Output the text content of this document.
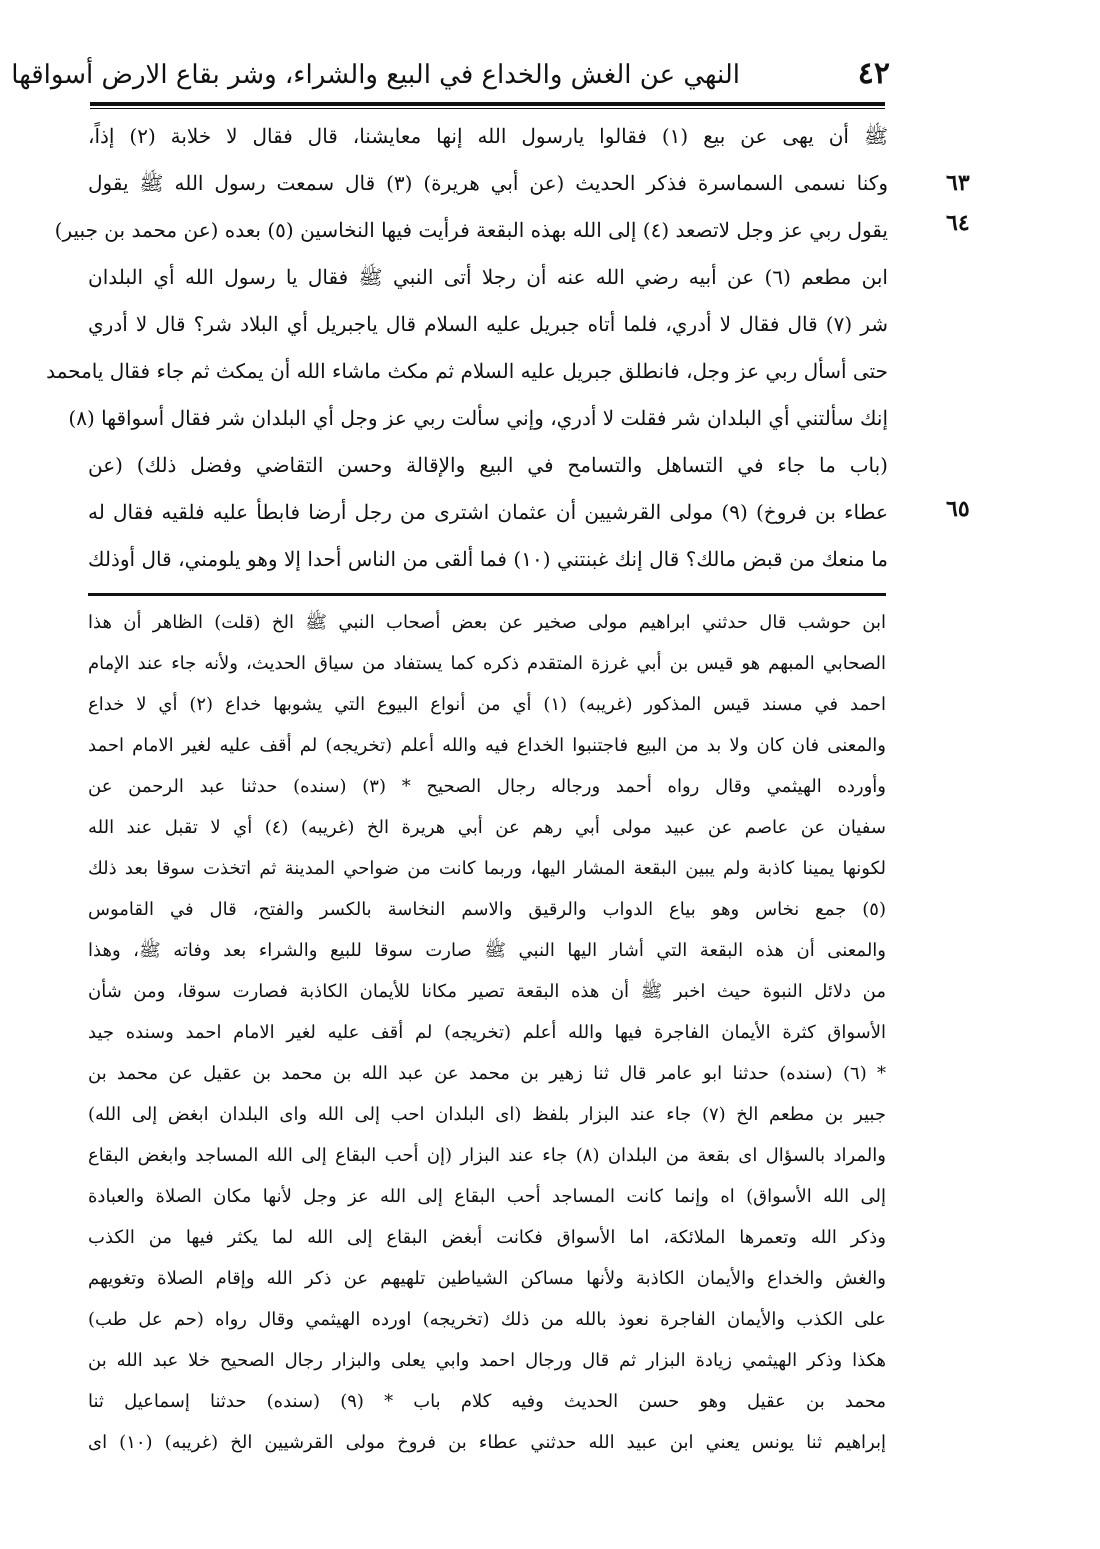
٤٢
النهي عن الغش والخداع في البيع والشراء، وشر بقاع الارض أسواقها
ﷺ أن يهى عن بيع (١) فقالوا يارسول الله إنها معايشنا، قال فقال لا خلابة (٢) إذاً،
وكنا نسمى السماسرة فذكر الحديث (عن أبي هريرة) (٣) قال سمعت رسول الله ﷺ يقول
يقول ربي عز وجل لاتصعد (٤) إلى الله بهذه البقعة فرأيت فيها النخاسين (٥) بعده (عن محمد بن جبير)
ابن مطعم (٦) عن أبيه رضي الله عنه أن رجلا أتى النبي ﷺ فقال يا رسول الله أي البلدان
شر (٧) قال فقال لا أدري، فلما أتاه جبريل عليه السلام قال ياجبريل أي البلاد شر؟ قال لا أدري
حتى أسأل ربي عز وجل، فانطلق جبريل عليه السلام ثم مكث ماشاء الله أن يمكث ثم جاء فقال يامحمد
إنك سألتني أي البلدان شر فقلت لا أدري، وإني سألت ربي عز وجل أي البلدان شر فقال أسواقها (٨)
(باب ما جاء في التساهل والتسامح في البيع والإقالة وحسن التقاضي وفضل ذلك) (عن
عطاء بن فروخ) (٩) مولى القرشيين أن عثمان اشترى من رجل أرضا فابطأ عليه فلقيه فقال له
ما منعك من قبض مالك؟ قال إنك غبنتني (١٠) فما ألقى من الناس أحدا إلا وهو يلومني، قال أوذلك
٦٣
٦٤
٦٥
ابن حوشب قال حدثني ابراهيم مولى صخير عن بعض أصحاب النبي ﷺ الخ (قلت) الظاهر أن هذا
الصحابي المبهم هو قيس بن أبي غرزة المتقدم ذكره كما يستفاد من سياق الحديث، ولأنه جاء عند الإمام
احمد في مسند قيس المذكور (غريبه) (١) أي من أنواع البيوع التي يشوبها خداع (٢) أي لا خداع
والمعنى فان كان ولا بد من البيع فاجتنبوا الخداع فيه والله أعلم (تخريجه) لم أقف عليه لغير الامام احمد
وأورده الهيثمي وقال رواه أحمد ورجاله رجال الصحيح * (٣) (سنده) حدثنا عبد الرحمن عن
سفيان عن عاصم عن عبيد مولى أبي رهم عن أبي هريرة الخ (غريبه) (٤) أي لا تقبل عند الله
لكونها يمينا كاذبة ولم يبين البقعة المشار اليها، وربما كانت من ضواحي المدينة ثم اتخذت سوقا بعد ذلك
(٥) جمع نخاس وهو بياع الدواب والرقيق والاسم النخاسة بالكسر والفتح، قال في القاموس
والمعنى أن هذه البقعة التي أشار اليها النبي ﷺ صارت سوقا للبيع والشراء بعد وفاته ﷺ، وهذا
من دلائل النبوة حيث اخبر ﷺ أن هذه البقعة تصير مكانا للأيمان الكاذبة فصارت سوقا، ومن شأن
الأسواق كثرة الأيمان الفاجرة فيها والله أعلم (تخريجه) لم أقف عليه لغير الامام احمد وسنده جيد
* (٦) (سنده) حدثنا ابو عامر قال ثنا زهير بن محمد عن عبد الله بن محمد بن عقيل عن محمد بن
جبير بن مطعم الخ (٧) جاء عند البزار بلفظ (اى البلدان احب إلى الله واى البلدان ابغض إلى الله)
والمراد بالسؤال اى بقعة من البلدان (٨) جاء عند البزار (إن أحب البقاع إلى الله المساجد وابغض البقاع
إلى الله الأسواق) اه وإنما كانت المساجد أحب البقاع إلى الله عز وجل لأنها مكان الصلاة والعبادة
وذكر الله وتعمرها الملائكة، اما الأسواق فكانت أبغض البقاع إلى الله لما يكثر فيها من الكذب
والغش والخداع والأيمان الكاذبة ولأنها مساكن الشياطين تلهيهم عن ذكر الله وإقام الصلاة وتغويهم
على الكذب والأيمان الفاجرة نعوذ بالله من ذلك (تخريجه) اورده الهيثمي وقال رواه (حم عل طب)
هكذا وذكر الهيثمي زيادة البزار ثم قال ورجال احمد وابي يعلى والبزار رجال الصحيح خلا عبد الله بن
محمد بن عقيل وهو حسن الحديث وفيه كلام باب * (٩) (سنده) حدثنا إسماعيل ثنا
إبراهيم ثنا يونس يعني ابن عبيد الله حدثني عطاء بن فروخ مولى القرشيين الخ (غريبه) (١٠) اى
